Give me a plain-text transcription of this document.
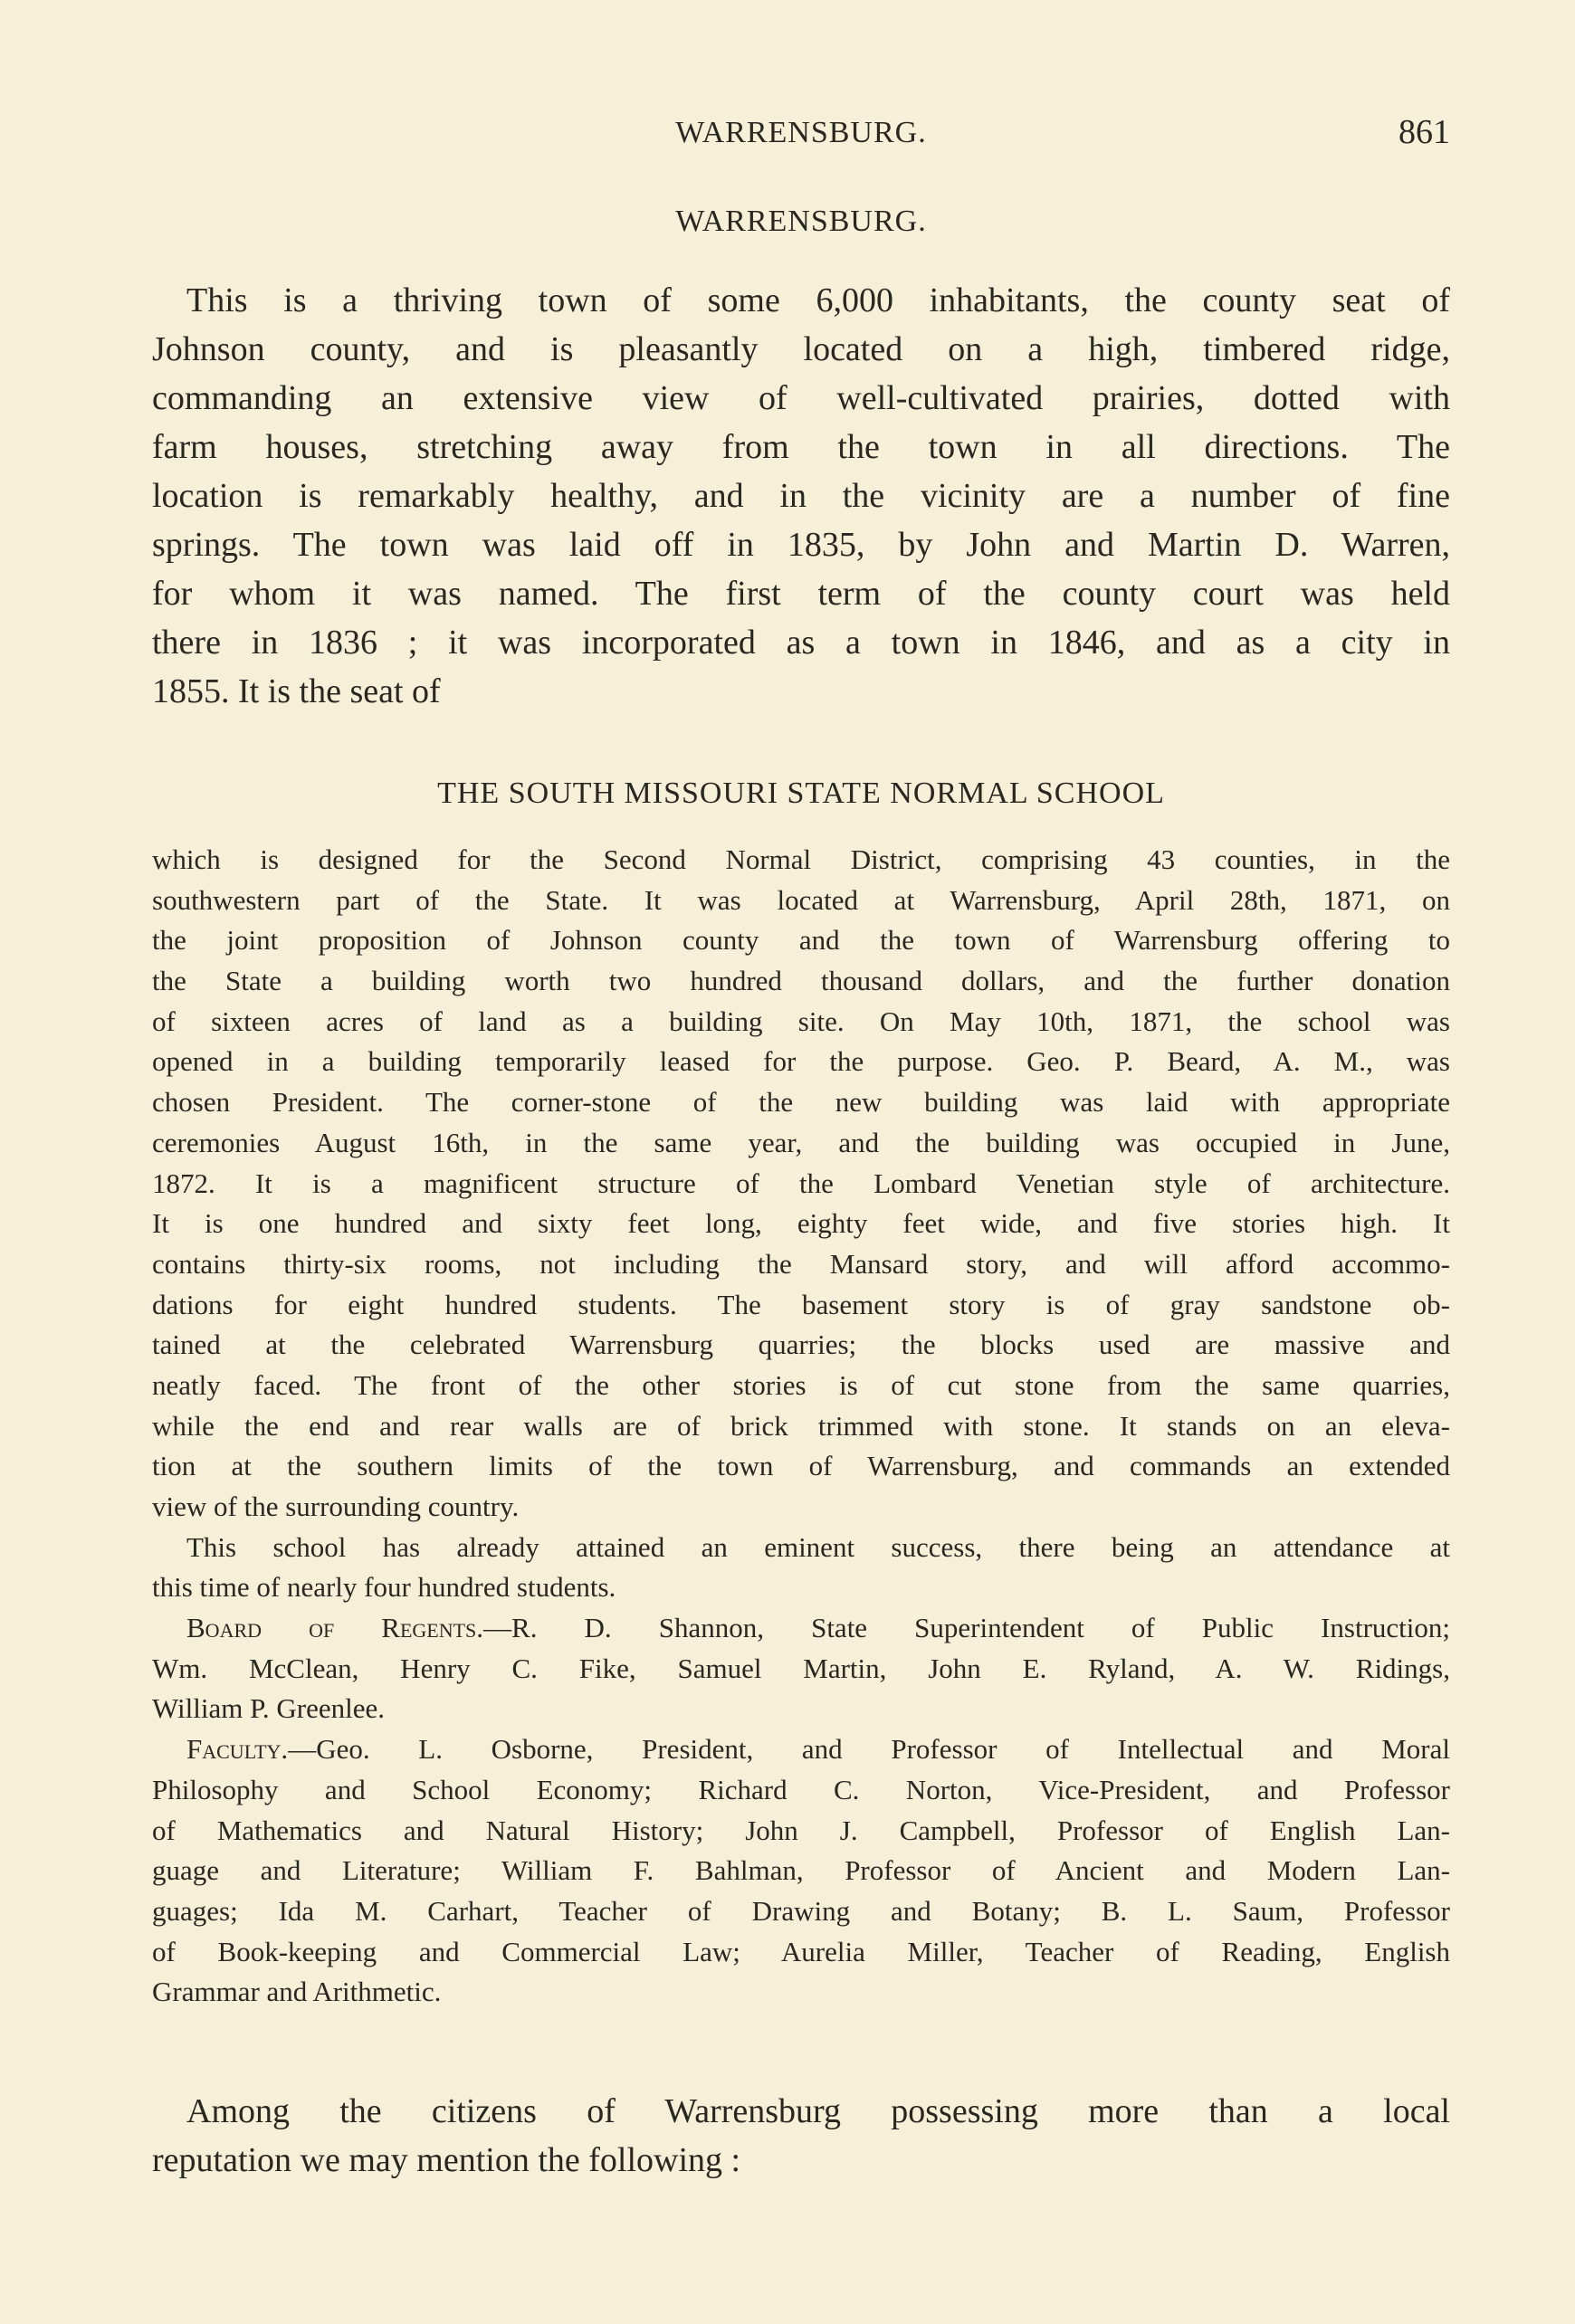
WARRENSBURG.	861
WARRENSBURG.
This is a thriving town of some 6,000 inhabitants, the county seat of
Johnson county, and is pleasantly located on a high, timbered ridge,
commanding an extensive view of well-cultivated prairies, dotted with
farm houses, stretching away from the town in all directions. The
location is remarkably healthy, and in the vicinity are a number of fine
springs. The town was laid off in 1835, by John and Martin D. Warren,
for whom it was named. The first term of the county court was held
there in 1836 ; it was incorporated as a town in 1846, and as a city in
1855. It is the seat of
THE SOUTH MISSOURI STATE NORMAL SCHOOL
which is designed for the Second Normal District, comprising 43 counties, in the
southwestern part of the State. It was located at Warrensburg, April 28th, 1871, on
the joint proposition of Johnson county and the town of Warrensburg offering to
the State a building worth two hundred thousand dollars, and the further donation
of sixteen acres of land as a building site. On May 10th, 1871, the school was
opened in a building temporarily leased for the purpose. Geo. P. Beard, A. M., was
chosen President. The corner-stone of the new building was laid with appropriate
ceremonies August 16th, in the same year, and the building was occupied in June,
1872. It is a magnificent structure of the Lombard Venetian style of architecture.
It is one hundred and sixty feet long, eighty feet wide, and five stories high. It
contains thirty-six rooms, not including the Mansard story, and will afford accommo-
dations for eight hundred students. The basement story is of gray sandstone ob-
tained at the celebrated Warrensburg quarries; the blocks used are massive and
neatly faced. The front of the other stories is of cut stone from the same quarries,
while the end and rear walls are of brick trimmed with stone. It stands on an eleva-
tion at the southern limits of the town of Warrensburg, and commands an extended
view of the surrounding country.
This school has already attained an eminent success, there being an attendance at
this time of nearly four hundred students.
Board of Regents.—R. D. Shannon, State Superintendent of Public Instruction;
Wm. McClean, Henry C. Fike, Samuel Martin, John E. Ryland, A. W. Ridings,
William P. Greenlee.
Faculty.—Geo. L. Osborne, President, and Professor of Intellectual and Moral
Philosophy and School Economy; Richard C. Norton, Vice-President, and Professor
of Mathematics and Natural History; John J. Campbell, Professor of English Lan-
guage and Literature; William F. Bahlman, Professor of Ancient and Modern Lan-
guages; Ida M. Carhart, Teacher of Drawing and Botany; B. L. Saum, Professor
of Book-keeping and Commercial Law; Aurelia Miller, Teacher of Reading, English
Grammar and Arithmetic.
Among the citizens of Warrensburg possessing more than a local
reputation we may mention the following :
